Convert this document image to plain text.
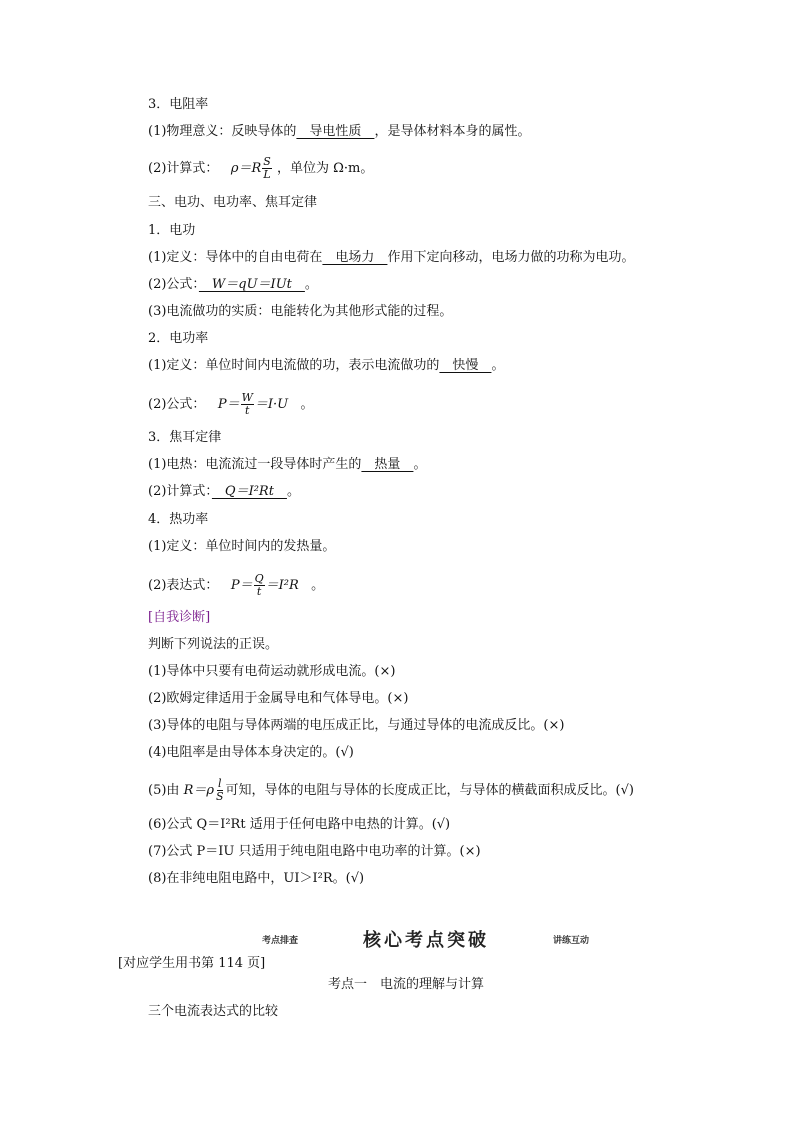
3．电阻率
(1)物理意义：反映导体的　导电性质　，是导体材料本身的属性。
(2)计算式： $\rho=R \frac{S}{L}$ ，单位为 Ω·m。
三、电功、电功率、焦耳定律
1．电功
(1)定义：导体中的自由电荷在　电场力　作用下定向移动，电场力做的功称为电功。
(2)公式：　W＝qU＝IUt　。
(3)电流做功的实质：电能转化为其他形式能的过程。
2．电功率
(1)定义：单位时间内电流做的功，表示电流做功的　快慢　。
(2)公式： $P= \frac{W}{t} =I\cdot U$ 。
3．焦耳定律
(1)电热：电流流过一段导体时产生的　热量　。
(2)计算式：　Q＝I²Rt　。
4．热功率
(1)定义：单位时间内的发热量。
(2)表达式： $P= \frac{Q}{t} =I^2R$ 。
[自我诊断]
判断下列说法的正误。
(1)导体中只要有电荷运动就形成电流。(×)
(2)欧姆定律适用于金属导电和气体导电。(×)
(3)导体的电阻与导体两端的电压成正比，与通过导体的电流成反比。(×)
(4)电阻率是由导体本身决定的。(√)
(5)由 $R=\rho \frac{l}{S}$ 可知，导体的电阻与导体的长度成正比，与导体的横截面积成反比。(√)
(6)公式 Q＝I²Rt 适用于任何电路中电热的计算。(√)
(7)公式 P＝IU 只适用于纯电阻电路中电功率的计算。(×)
(8)在非纯电阻电路中，UI＞I²R。(√)
考点排查	核心考点突破	讲练互动
[对应学生用书第 114 页]
考点一　电流的理解与计算
三个电流表达式的比较
